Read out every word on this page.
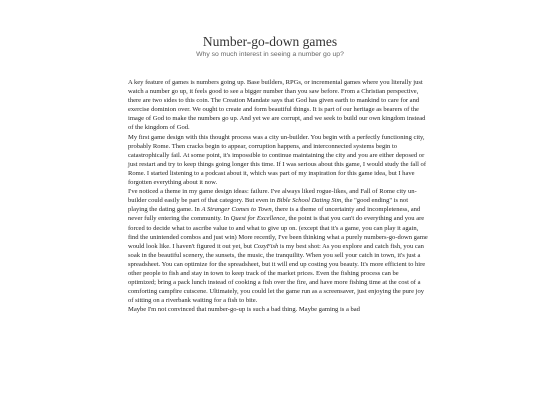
Number-go-down games
Why so much interest in seeing a number go up?

A key feature of games is numbers going up. Base builders, RPGs, or incremental games where you literally just watch a number go up, it feels good to see a bigger number than you saw before. From a Christian perspective, there are two sides to this coin. The Creation Mandate says that God has given earth to mankind to care for and exercise dominion over. We ought to create and form beautiful things. It is part of our heritage as bearers of the image of God to make the numbers go up. And yet we are corrupt, and we seek to build our own kingdom instead of the kingdom of God.

My first game design with this thought process was a city un-builder. You begin with a perfectly functioning city, probably Rome. Then cracks begin to appear, corruption happens, and interconnected systems begin to catastrophically fail. At some point, it's impossible to continue maintaining the city and you are either deposed or just restart and try to keep things going longer this time. If I was serious about this game, I would study the fall of Rome. I started listening to a podcast about it, which was part of my inspiration for this game idea, but I have forgotten everything about it now.

I've noticed a theme in my game design ideas: failure. I've always liked rogue-likes, and Fall of Rome city un-builder could easily be part of that category. But even in Bible School Dating Sim, the "good ending" is not playing the dating game. In A Stranger Comes to Town, there is a theme of uncertainty and incompleteness, and never fully entering the community. In Quest for Excellence, the point is that you can't do everything and you are forced to decide what to ascribe value to and what to give up on. (except that it's a game, you can play it again, find the unintended combos and just win) More recently, I've been thinking what a purely numbers-go-down game would look like. I haven't figured it out yet, but CozyFish is my best shot: As you explore and catch fish, you can soak in the beautiful scenery, the sunsets, the music, the tranquility. When you sell your catch in town, it's just a spreadsheet. You can optimize for the spreadsheet, but it will end up costing you beauty. It's more efficient to hire other people to fish and stay in town to keep track of the market prices. Even the fishing process can be optimized; bring a pack lunch instead of cooking a fish over the fire, and have more fishing time at the cost of a comforting campfire cutscene. Ultimately, you could let the game run as a screensaver, just enjoying the pure joy of sitting on a riverbank waiting for a fish to bite.

Maybe I'm not convinced that number-go-up is such a bad thing. Maybe gaming is a bad
